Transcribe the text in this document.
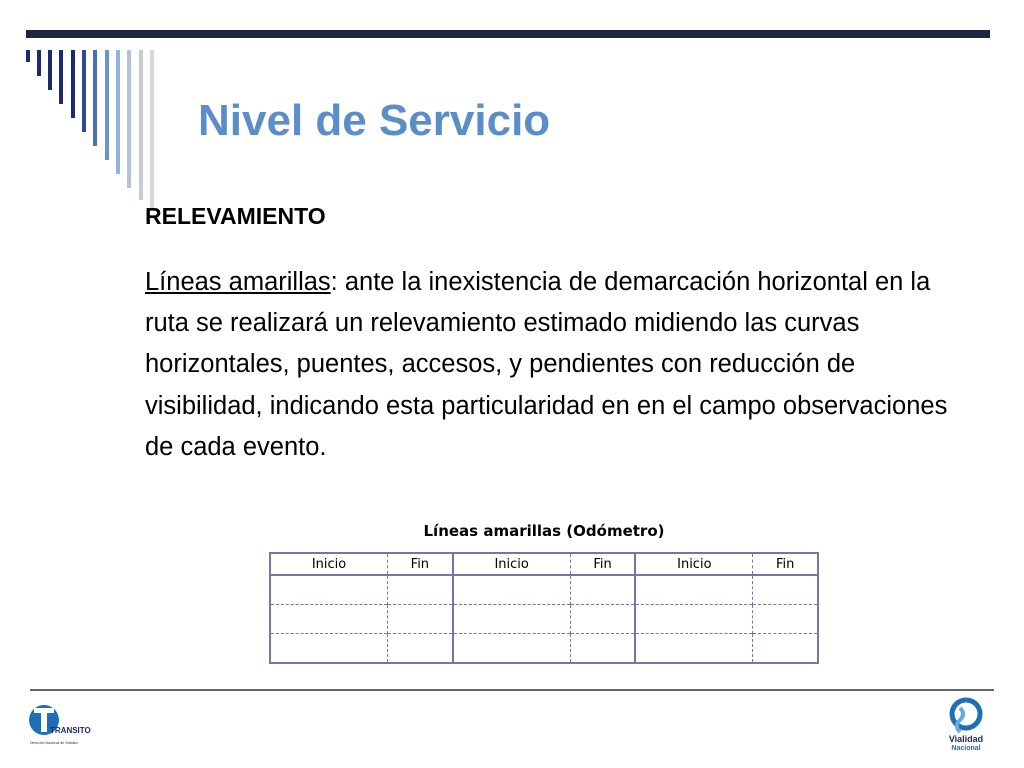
Nivel de Servicio
RELEVAMIENTO
Líneas amarillas: ante la inexistencia de demarcación horizontal en la ruta se realizará un relevamiento estimado midiendo las curvas horizontales, puentes, accesos, y pendientes con reducción de visibilidad, indicando esta particularidad en en el campo observaciones de cada evento.
Líneas amarillas (Odómetro)
Inicio	Fin	Inicio	Fin	Inicio	Fin

TRANSITO
Dirección Nacional de Vialidad	Vialidad
Nacional
